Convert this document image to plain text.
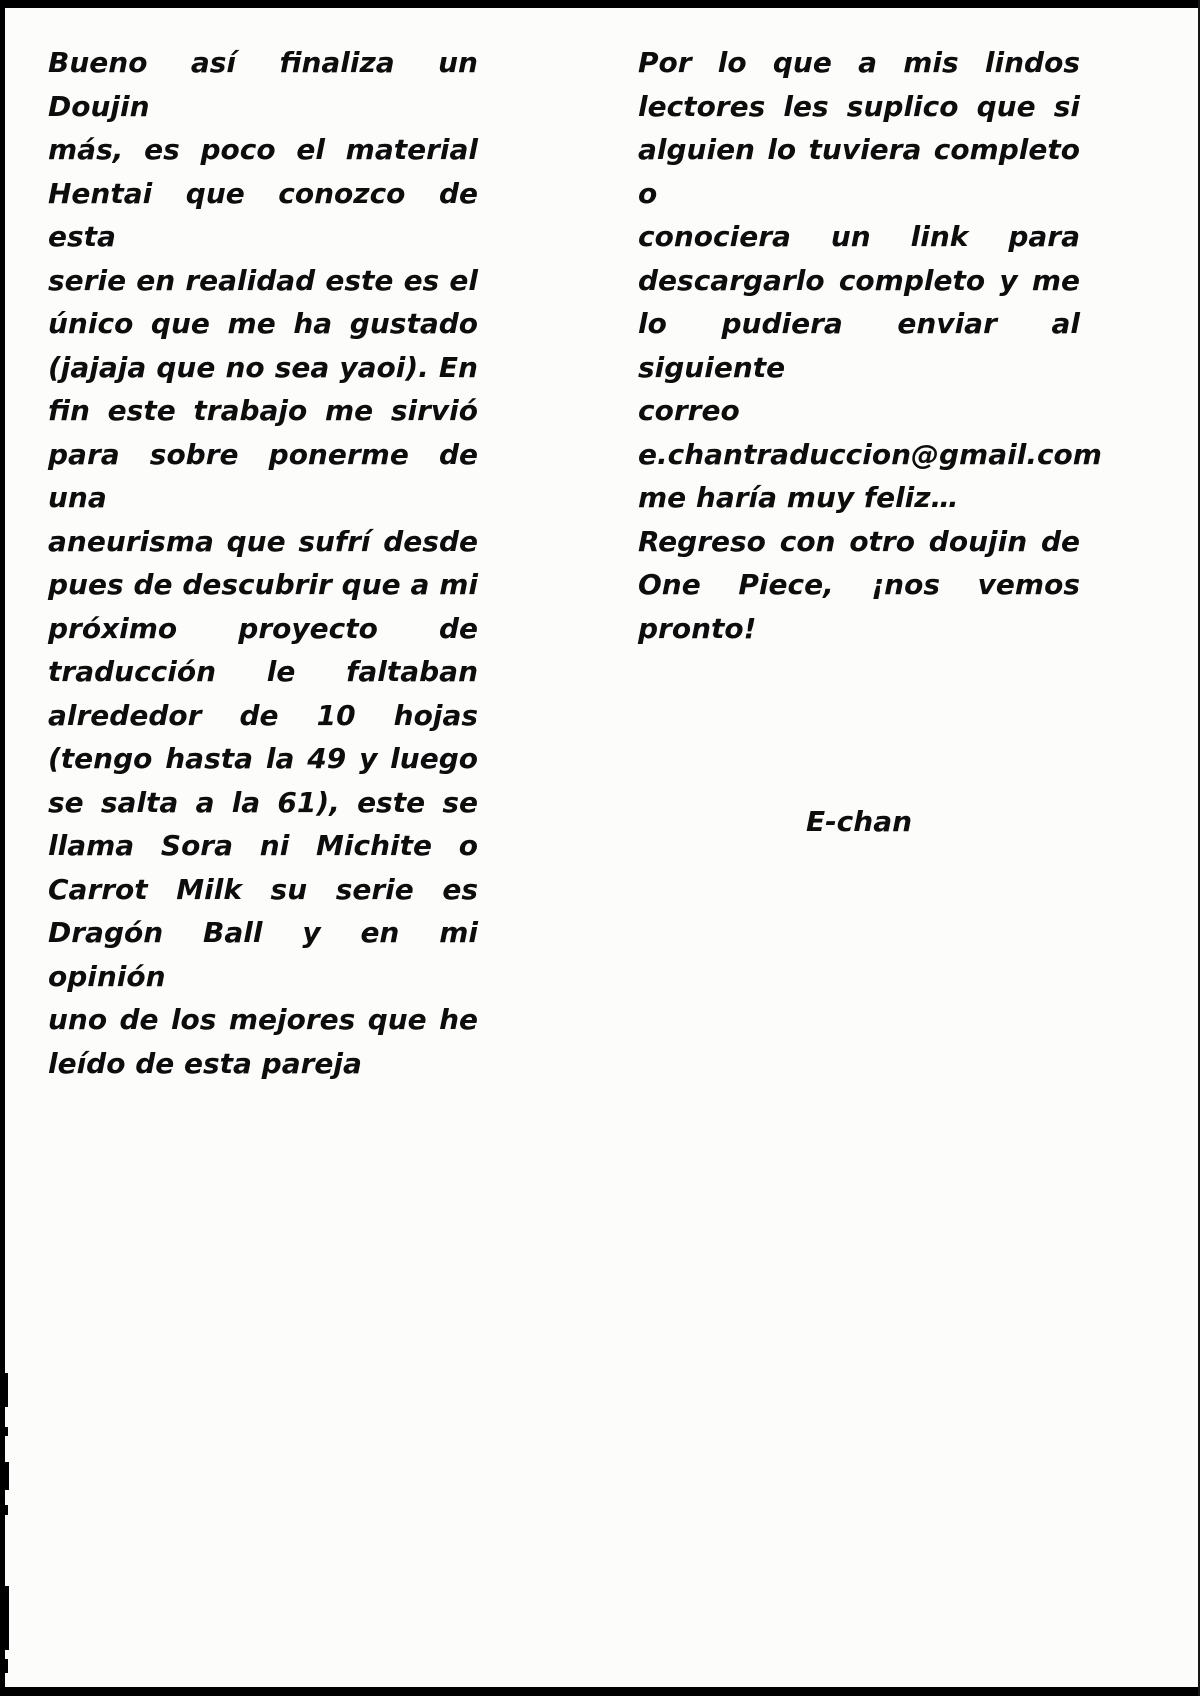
Bueno así finaliza un Doujin
más, es poco el material
Hentai que conozco de esta
serie en realidad este es el
único que me ha gustado
(jajaja que no sea yaoi). En
fin este trabajo me sirvió
para sobre ponerme de una
aneurisma que sufrí desde
pues de descubrir que a mi
próximo proyecto de
traducción le faltaban
alrededor de 10 hojas
(tengo hasta la 49 y luego
se salta a la 61), este se
llama Sora ni Michite o
Carrot Milk su serie es
Dragón Ball y en mi opinión
uno de los mejores que he
leído de esta pareja
Por lo que a mis lindos
lectores les suplico que si
alguien lo tuviera completo o
conociera un link para
descargarlo completo y me
lo pudiera enviar al siguiente
correo
e.chantraduccion@gmail.com
me haría muy feliz…
Regreso con otro doujin de
One Piece, ¡nos vemos
pronto!
E-chan
